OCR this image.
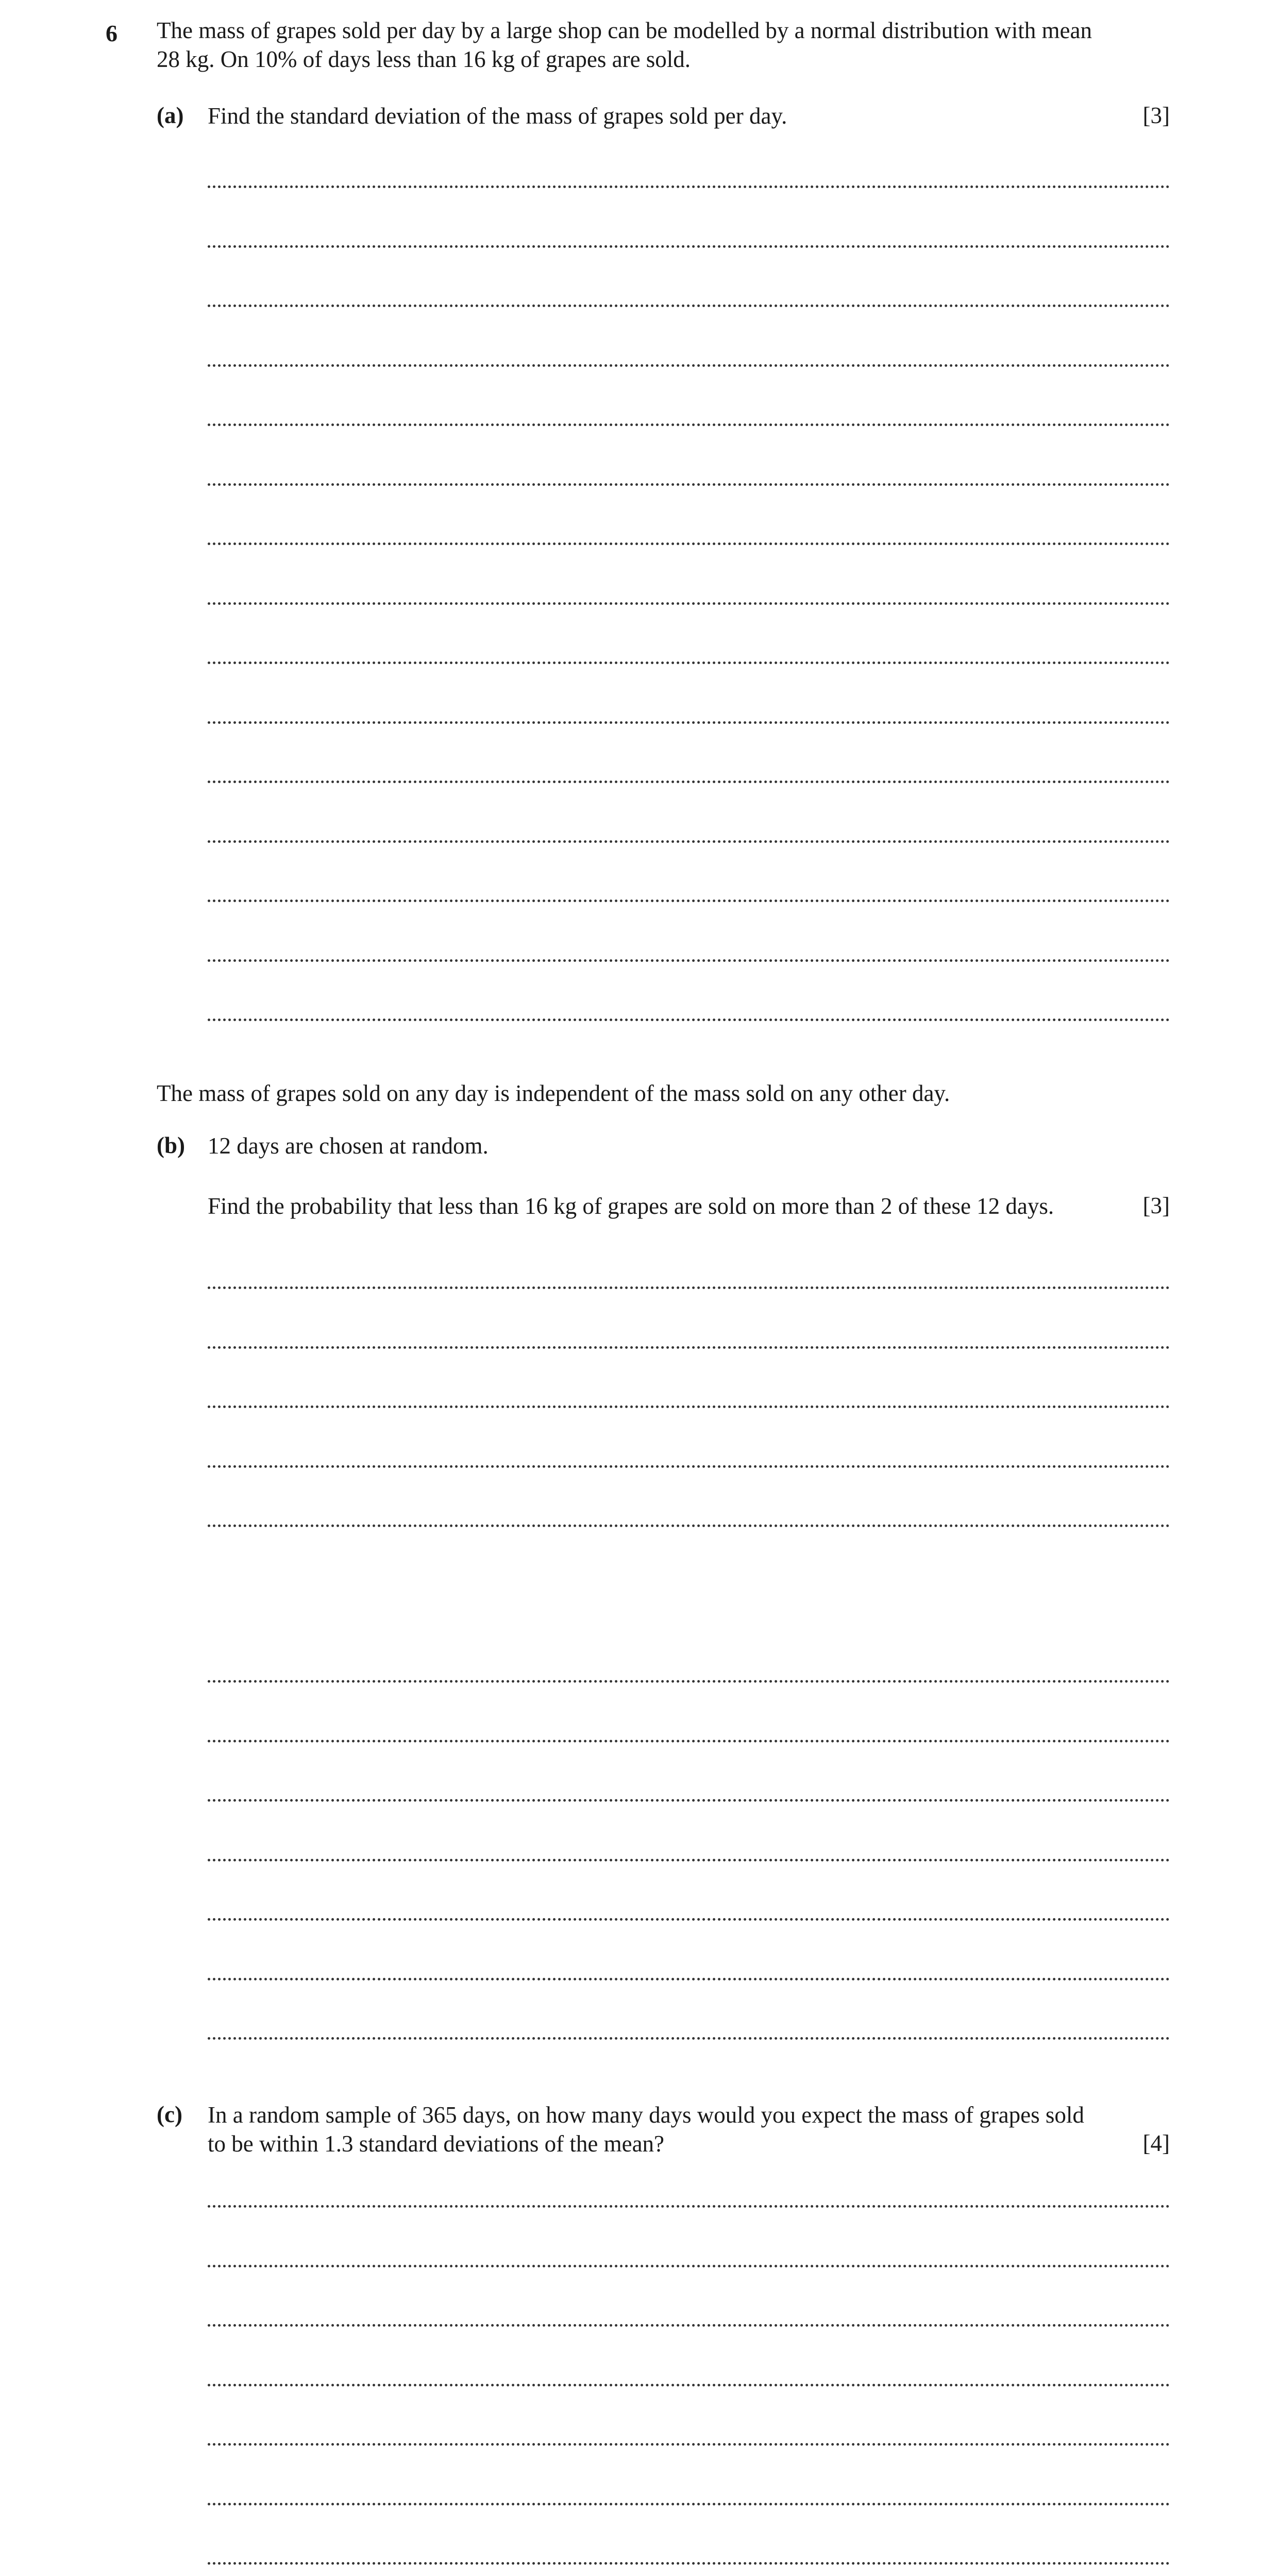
6 The mass of grapes sold per day by a large shop can be modelled by a normal distribution with mean
28 kg. On 10% of days less than 16 kg of grapes are sold.
(a) Find the standard deviation of the mass of grapes sold per day.	[3]
The mass of grapes sold on any day is independent of the mass sold on any other day.
(b) 12 days are chosen at random.
Find the probability that less than 16 kg of grapes are sold on more than 2 of these 12 days.	[3]
(c) In a random sample of 365 days, on how many days would you expect the mass of grapes sold
to be within 1.3 standard deviations of the mean?	[4]
